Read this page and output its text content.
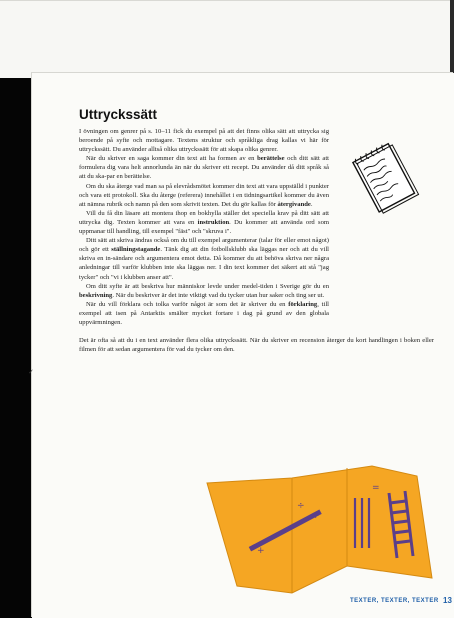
Uttryckssätt

I övningen om genrer på s. 10–11 fick du exempel på att det finns olika sätt att uttrycka sig beroende på syfte och mottagare. Textens struktur och språkliga drag kallas vi här för uttryckssätt. Du använder alltså olika uttryckssätt för att skapa olika genrer.

När du skriver en saga kommer din text att ha formen av en berättelse och ditt sätt att formulera dig vara helt annorlunda än när du skriver ett recept. Du använder då ditt språk så att du ska-par en berättelse.

Om du ska återge vad man sa på elevrådsmötet kommer din text att vara uppställd i punkter och vara ett protokoll. Ska du återge (referera) innehållet i en tidningsartikel kommer du även att nämna rubrik och namn på den som skrivit texten. Det du gör kallas för återgivande.

Vill du få din läsare att montera ihop en bokhylla ställer det speciella krav på ditt sätt att uttrycka dig. Texten kommer att vara en instruktion. Du kommer att använda ord som uppmanar till handling, till exempel "fäst" och "skruva i".

Ditt sätt att skriva ändras också om du till exempel argumenterar (talar för eller emot något) och gör ett ställningstagande. Tänk dig att din fotbollsklubb ska läggas ner och att du vill skriva en in-sändare och argumentera emot detta. Då kommer du att behöva skriva ner några anledningar till varför klubben inte ska läggas ner. I din text kommer det säkert att stå "jag tycker" och "vi i klubben anser att".

Om ditt syfte är att beskriva hur människor levde under medel-tiden i Sverige gör du en beskrivning. När du beskriver är det inte viktigt vad du tycker utan hur saker och ting ser ut.

När du vill förklara och tolka varför något är som det är skriver du en förklaring, till exempel att isen på Antarktis smälter mycket fortare i dag på grund av den globala uppvärmningen.

Det är ofta så att du i en text använder flera olika uttryckssätt. När du skriver en recension återger du kort handlingen i boken eller filmen för att sedan argumentera för vad du tycker om den.

÷
+
+
=
TEXTER, TEXTER, TEXTER 13
✓
